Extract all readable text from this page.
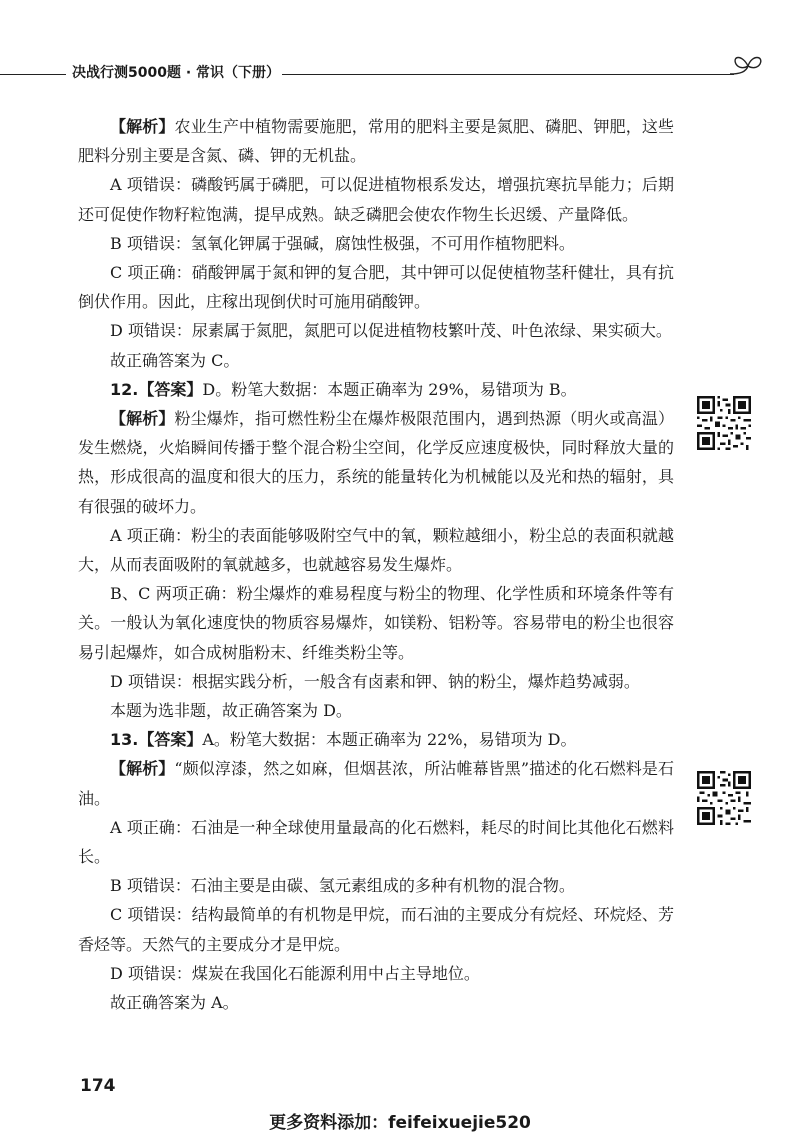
决战行测5000题 · 常识（下册）

【解析】农业生产中植物需要施肥，常用的肥料主要是氮肥、磷肥、钾肥，这些肥料分别主要是含氮、磷、钾的无机盐。

A 项错误：磷酸钙属于磷肥，可以促进植物根系发达，增强抗寒抗旱能力；后期还可促使作物籽粒饱满，提早成熟。缺乏磷肥会使农作物生长迟缓、产量降低。

B 项错误：氢氧化钾属于强碱，腐蚀性极强，不可用作植物肥料。

C 项正确：硝酸钾属于氮和钾的复合肥，其中钾可以促使植物茎秆健壮，具有抗倒伏作用。因此，庄稼出现倒伏时可施用硝酸钾。

D 项错误：尿素属于氮肥，氮肥可以促进植物枝繁叶茂、叶色浓绿、果实硕大。

故正确答案为 C。

12.【答案】D。粉笔大数据：本题正确率为 29%，易错项为 B。

【解析】粉尘爆炸，指可燃性粉尘在爆炸极限范围内，遇到热源（明火或高温）发生燃烧，火焰瞬间传播于整个混合粉尘空间，化学反应速度极快，同时释放大量的热，形成很高的温度和很大的压力，系统的能量转化为机械能以及光和热的辐射，具有很强的破坏力。

A 项正确：粉尘的表面能够吸附空气中的氧，颗粒越细小，粉尘总的表面积就越大，从而表面吸附的氧就越多，也就越容易发生爆炸。

B、C 两项正确：粉尘爆炸的难易程度与粉尘的物理、化学性质和环境条件等有关。一般认为氧化速度快的物质容易爆炸，如镁粉、铝粉等。容易带电的粉尘也很容易引起爆炸，如合成树脂粉末、纤维类粉尘等。

D 项错误：根据实践分析，一般含有卤素和钾、钠的粉尘，爆炸趋势减弱。

本题为选非题，故正确答案为 D。

13.【答案】A。粉笔大数据：本题正确率为 22%，易错项为 D。

【解析】“颇似淳漆，然之如麻，但烟甚浓，所沾帷幕皆黑”描述的化石燃料是石油。

A 项正确：石油是一种全球使用量最高的化石燃料，耗尽的时间比其他化石燃料长。

B 项错误：石油主要是由碳、氢元素组成的多种有机物的混合物。

C 项错误：结构最简单的有机物是甲烷，而石油的主要成分有烷烃、环烷烃、芳香烃等。天然气的主要成分才是甲烷。

D 项错误：煤炭在我国化石能源利用中占主导地位。

故正确答案为 A。

174
更多资料添加：feifeixuejie520
